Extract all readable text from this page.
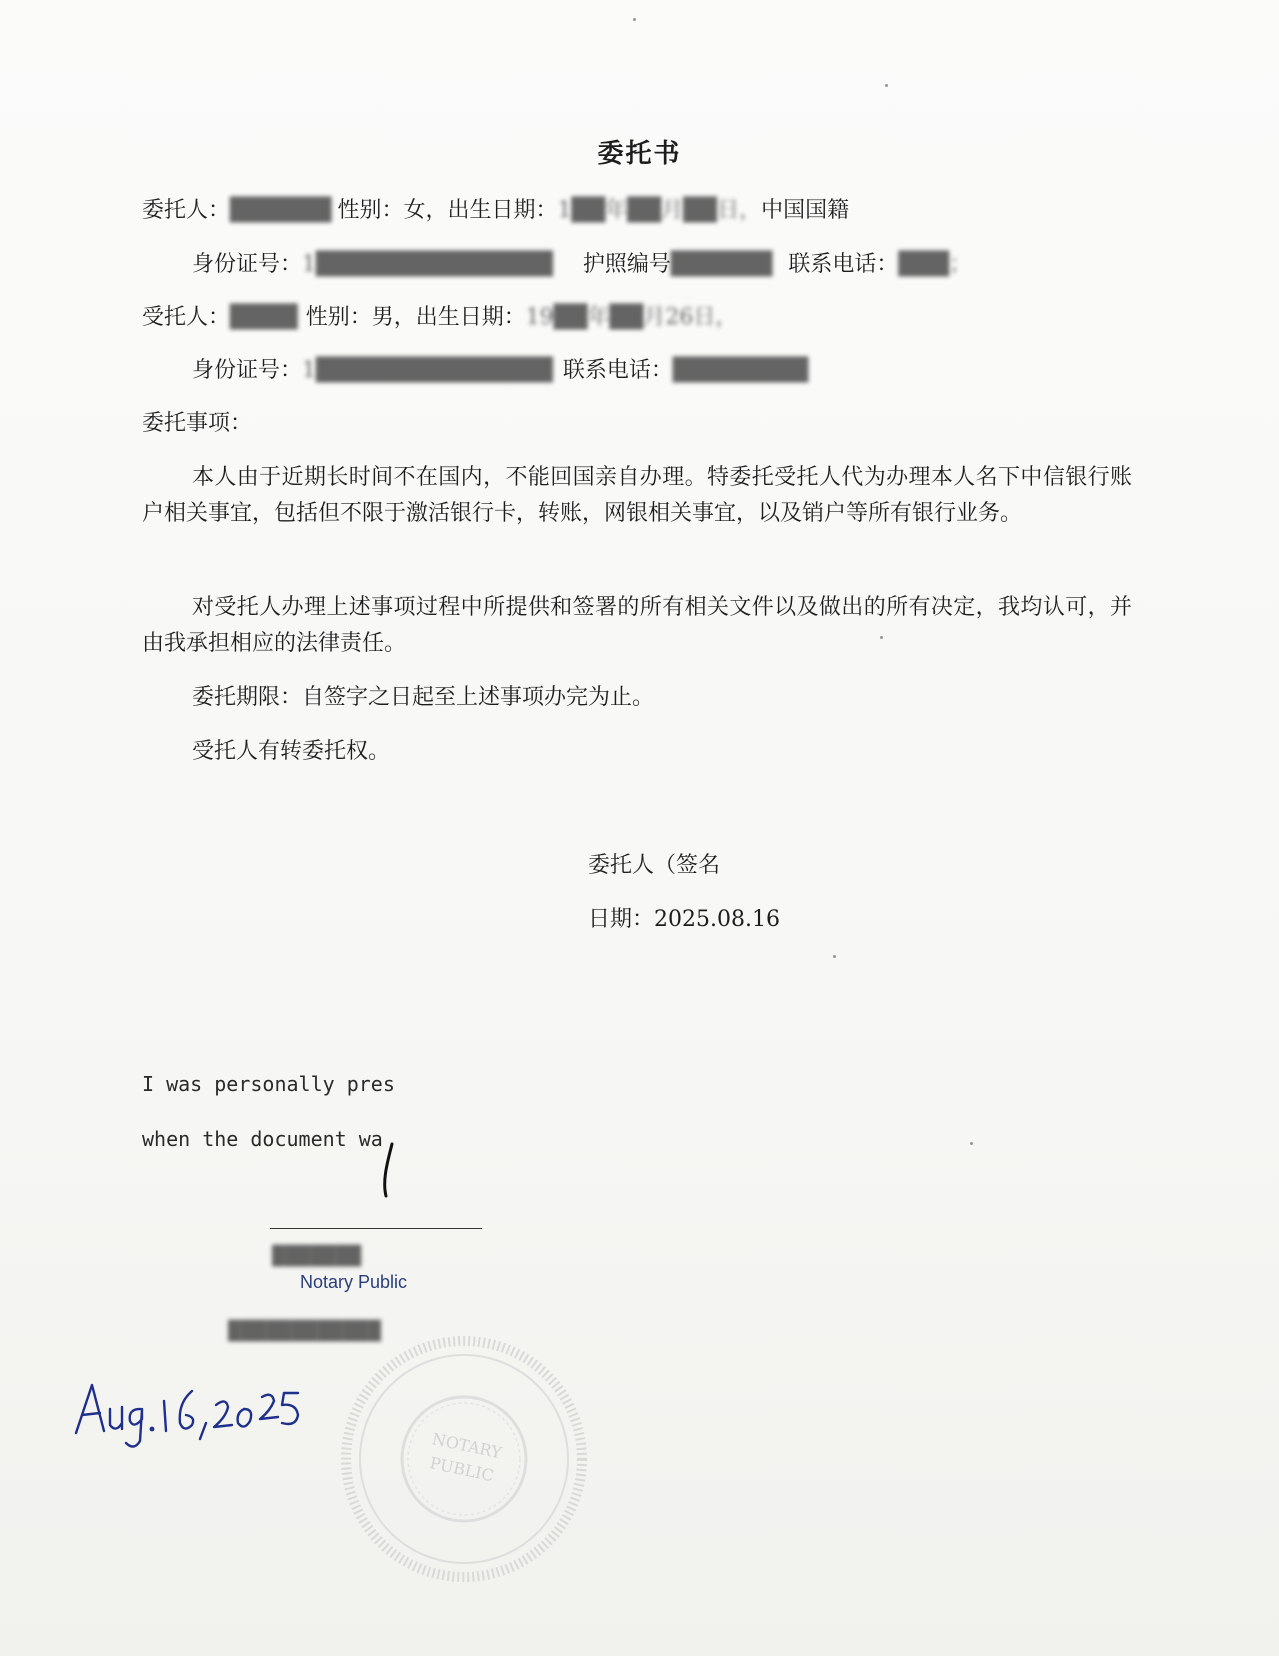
委托书
委托人：██████ 性别：女，出生日期：1██年██月██日，中国国籍
身份证号：1██████████████ 护照编号██████ 联系电话：███；
受托人：████ 性别：男，出生日期：19██年██月26日，
身份证号：1██████████████ 联系电话：████████
委托事项：
本人由于近期长时间不在国内，不能回国亲自办理。特委托受托人代为办理本人名下中信银行账户相关事宜，包括但不限于激活银行卡，转账，网银相关事宜，以及销户等所有银行业务。
对受托人办理上述事项过程中所提供和签署的所有相关文件以及做出的所有决定，我均认可，并由我承担相应的法律责任。
委托期限：自签字之日起至上述事项办完为止。
受托人有转委托权。
委托人（签名
日期：2025.08.16
I was personally pres
when the document wa
███████
Notary Public
████████████
NOTARY
PUBLIC
